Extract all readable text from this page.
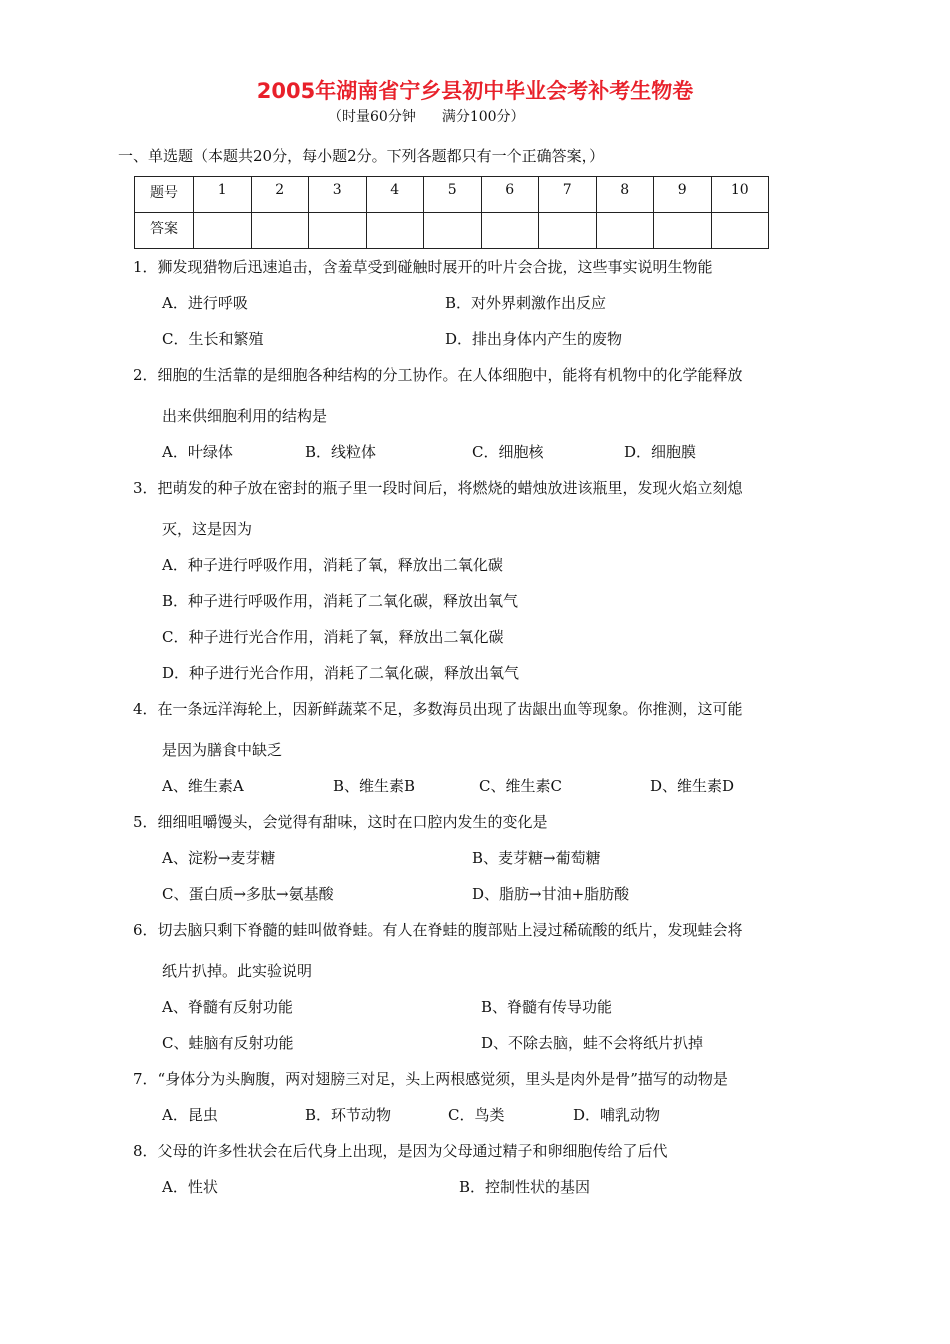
2005年湖南省宁乡县初中毕业会考补考生物卷
（时量60分钟 满分100分）
一、单选题（本题共20分，每小题2分。下列各题都只有一个正确答案，）
题号	1	2	3	4	5	6	7	8	9	10
答案										
1．狮发现猎物后迅速追击，含羞草受到碰触时展开的叶片会合拢，这些事实说明生物能
A．进行呼吸	B．对外界刺激作出反应
C．生长和繁殖	D．排出身体内产生的废物
2．细胞的生活靠的是细胞各种结构的分工协作。在人体细胞中，能将有机物中的化学能释放
出来供细胞利用的结构是
A．叶绿体	B．线粒体	C．细胞核	D．细胞膜
3．把萌发的种子放在密封的瓶子里一段时间后，将燃烧的蜡烛放进该瓶里，发现火焰立刻熄
灭，这是因为
A．种子进行呼吸作用，消耗了氧，释放出二氧化碳
B．种子进行呼吸作用，消耗了二氧化碳，释放出氧气
C．种子进行光合作用，消耗了氧，释放出二氧化碳
D．种子进行光合作用，消耗了二氧化碳，释放出氧气
4．在一条远洋海轮上，因新鲜蔬菜不足，多数海员出现了齿龈出血等现象。你推测，这可能
是因为膳食中缺乏
A、维生素A	B、维生素B	C、维生素C	D、维生素D
5．细细咀嚼馒头，会觉得有甜味，这时在口腔内发生的变化是
A、淀粉→麦芽糖	B、麦芽糖→葡萄糖
C、蛋白质→多肽→氨基酸	D、脂肪→甘油+脂肪酸
6．切去脑只剩下脊髓的蛙叫做脊蛙。有人在脊蛙的腹部贴上浸过稀硫酸的纸片，发现蛙会将
纸片扒掉。此实验说明
A、脊髓有反射功能	B、脊髓有传导功能
C、蛙脑有反射功能	D、不除去脑，蛙不会将纸片扒掉
7．“身体分为头胸腹，两对翅膀三对足，头上两根感觉须，里头是肉外是骨”描写的动物是
A．昆虫	B．环节动物	C．鸟类	D．哺乳动物
8．父母的许多性状会在后代身上出现，是因为父母通过精子和卵细胞传给了后代
A．性状	B．控制性状的基因
